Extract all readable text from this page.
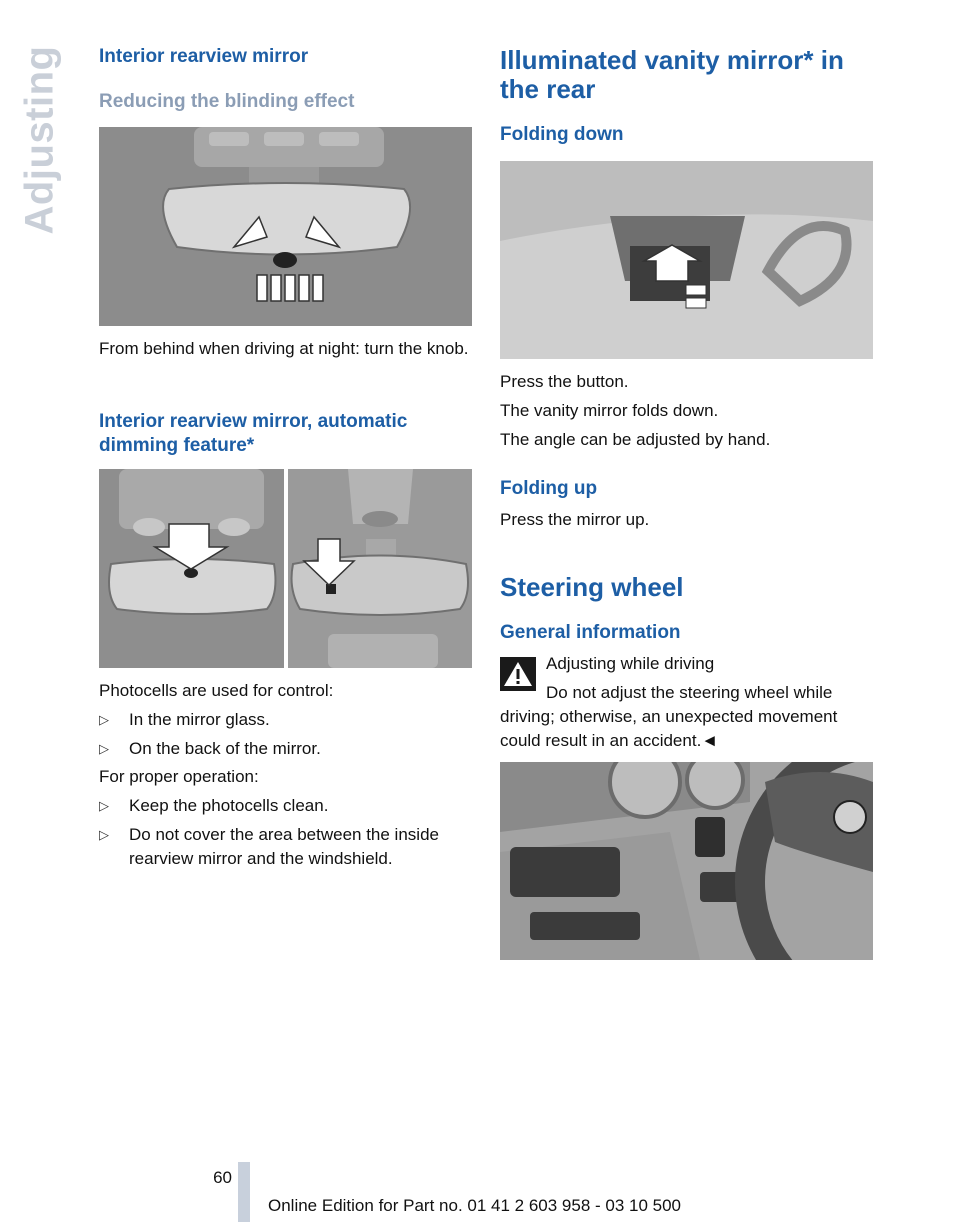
Adjusting Interior rearview mirror
Reducing the blinding effect
From behind when driving at night: turn the knob.
Interior rearview mirror, automatic dimming feature*
Photocells are used for control:
▷ In the mirror glass.
▷ On the back of the mirror.
For proper operation:
▷ Keep the photocells clean.
▷ Do not cover the area between the inside rearview mirror and the windshield.
Illuminated vanity mirror* in the rear
Folding down
Press the button.
The vanity mirror folds down.
The angle can be adjusted by hand.
Folding up
Press the mirror up.
Steering wheel
General information
Adjusting while driving
Do not adjust the steering wheel while
driving; otherwise, an unexpected movement could result in an accident.◄
60
Online Edition for Part no. 01 41 2 603 958 - 03 10 500
